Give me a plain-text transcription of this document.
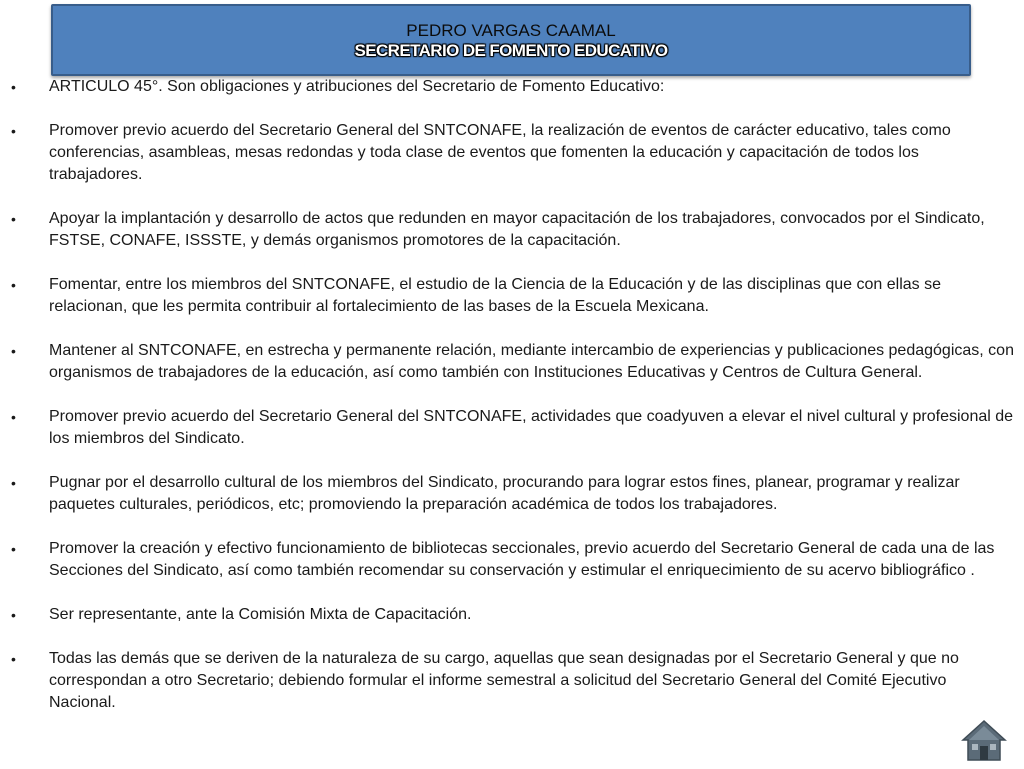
PEDRO VARGAS CAAMAL
SECRETARIO DE FOMENTO EDUCATIVO
• ARTICULO 45°. Son obligaciones y atribuciones del Secretario de Fomento Educativo:
• Promover previo acuerdo del Secretario General del SNTCONAFE, la realización de eventos de carácter educativo, tales como conferencias, asambleas, mesas redondas y toda clase de eventos que fomenten la educación y capacitación de todos los trabajadores.
• Apoyar la implantación y desarrollo de actos que redunden en mayor capacitación de los trabajadores, convocados por el Sindicato, FSTSE, CONAFE, ISSSTE, y demás organismos promotores de la capacitación.
• Fomentar, entre los miembros del SNTCONAFE, el estudio de la Ciencia de la Educación y de las disciplinas que con ellas se relacionan, que les permita contribuir al fortalecimiento de las bases de la Escuela Mexicana.
• Mantener al SNTCONAFE, en estrecha y permanente relación, mediante intercambio de experiencias y publicaciones pedagógicas, con organismos de trabajadores de la educación, así como también con Instituciones Educativas y Centros de Cultura General.
• Promover previo acuerdo del Secretario General del SNTCONAFE, actividades que coadyuven a elevar el nivel cultural y profesional de los miembros del Sindicato.
• Pugnar por el desarrollo cultural de los miembros del Sindicato, procurando para lograr estos fines, planear, programar y realizar paquetes culturales, periódicos, etc; promoviendo la preparación académica de todos los trabajadores.
• Promover la creación y efectivo funcionamiento de bibliotecas seccionales, previo acuerdo del Secretario General de cada una de las Secciones del Sindicato, así como también recomendar su conservación y estimular el enriquecimiento de su acervo bibliográfico .
• Ser representante, ante la Comisión Mixta de Capacitación.
• Todas las demás que se deriven de la naturaleza de su cargo, aquellas que sean designadas por el Secretario General y que no correspondan a otro Secretario; debiendo formular el informe semestral a solicitud del Secretario General del Comité Ejecutivo Nacional.
